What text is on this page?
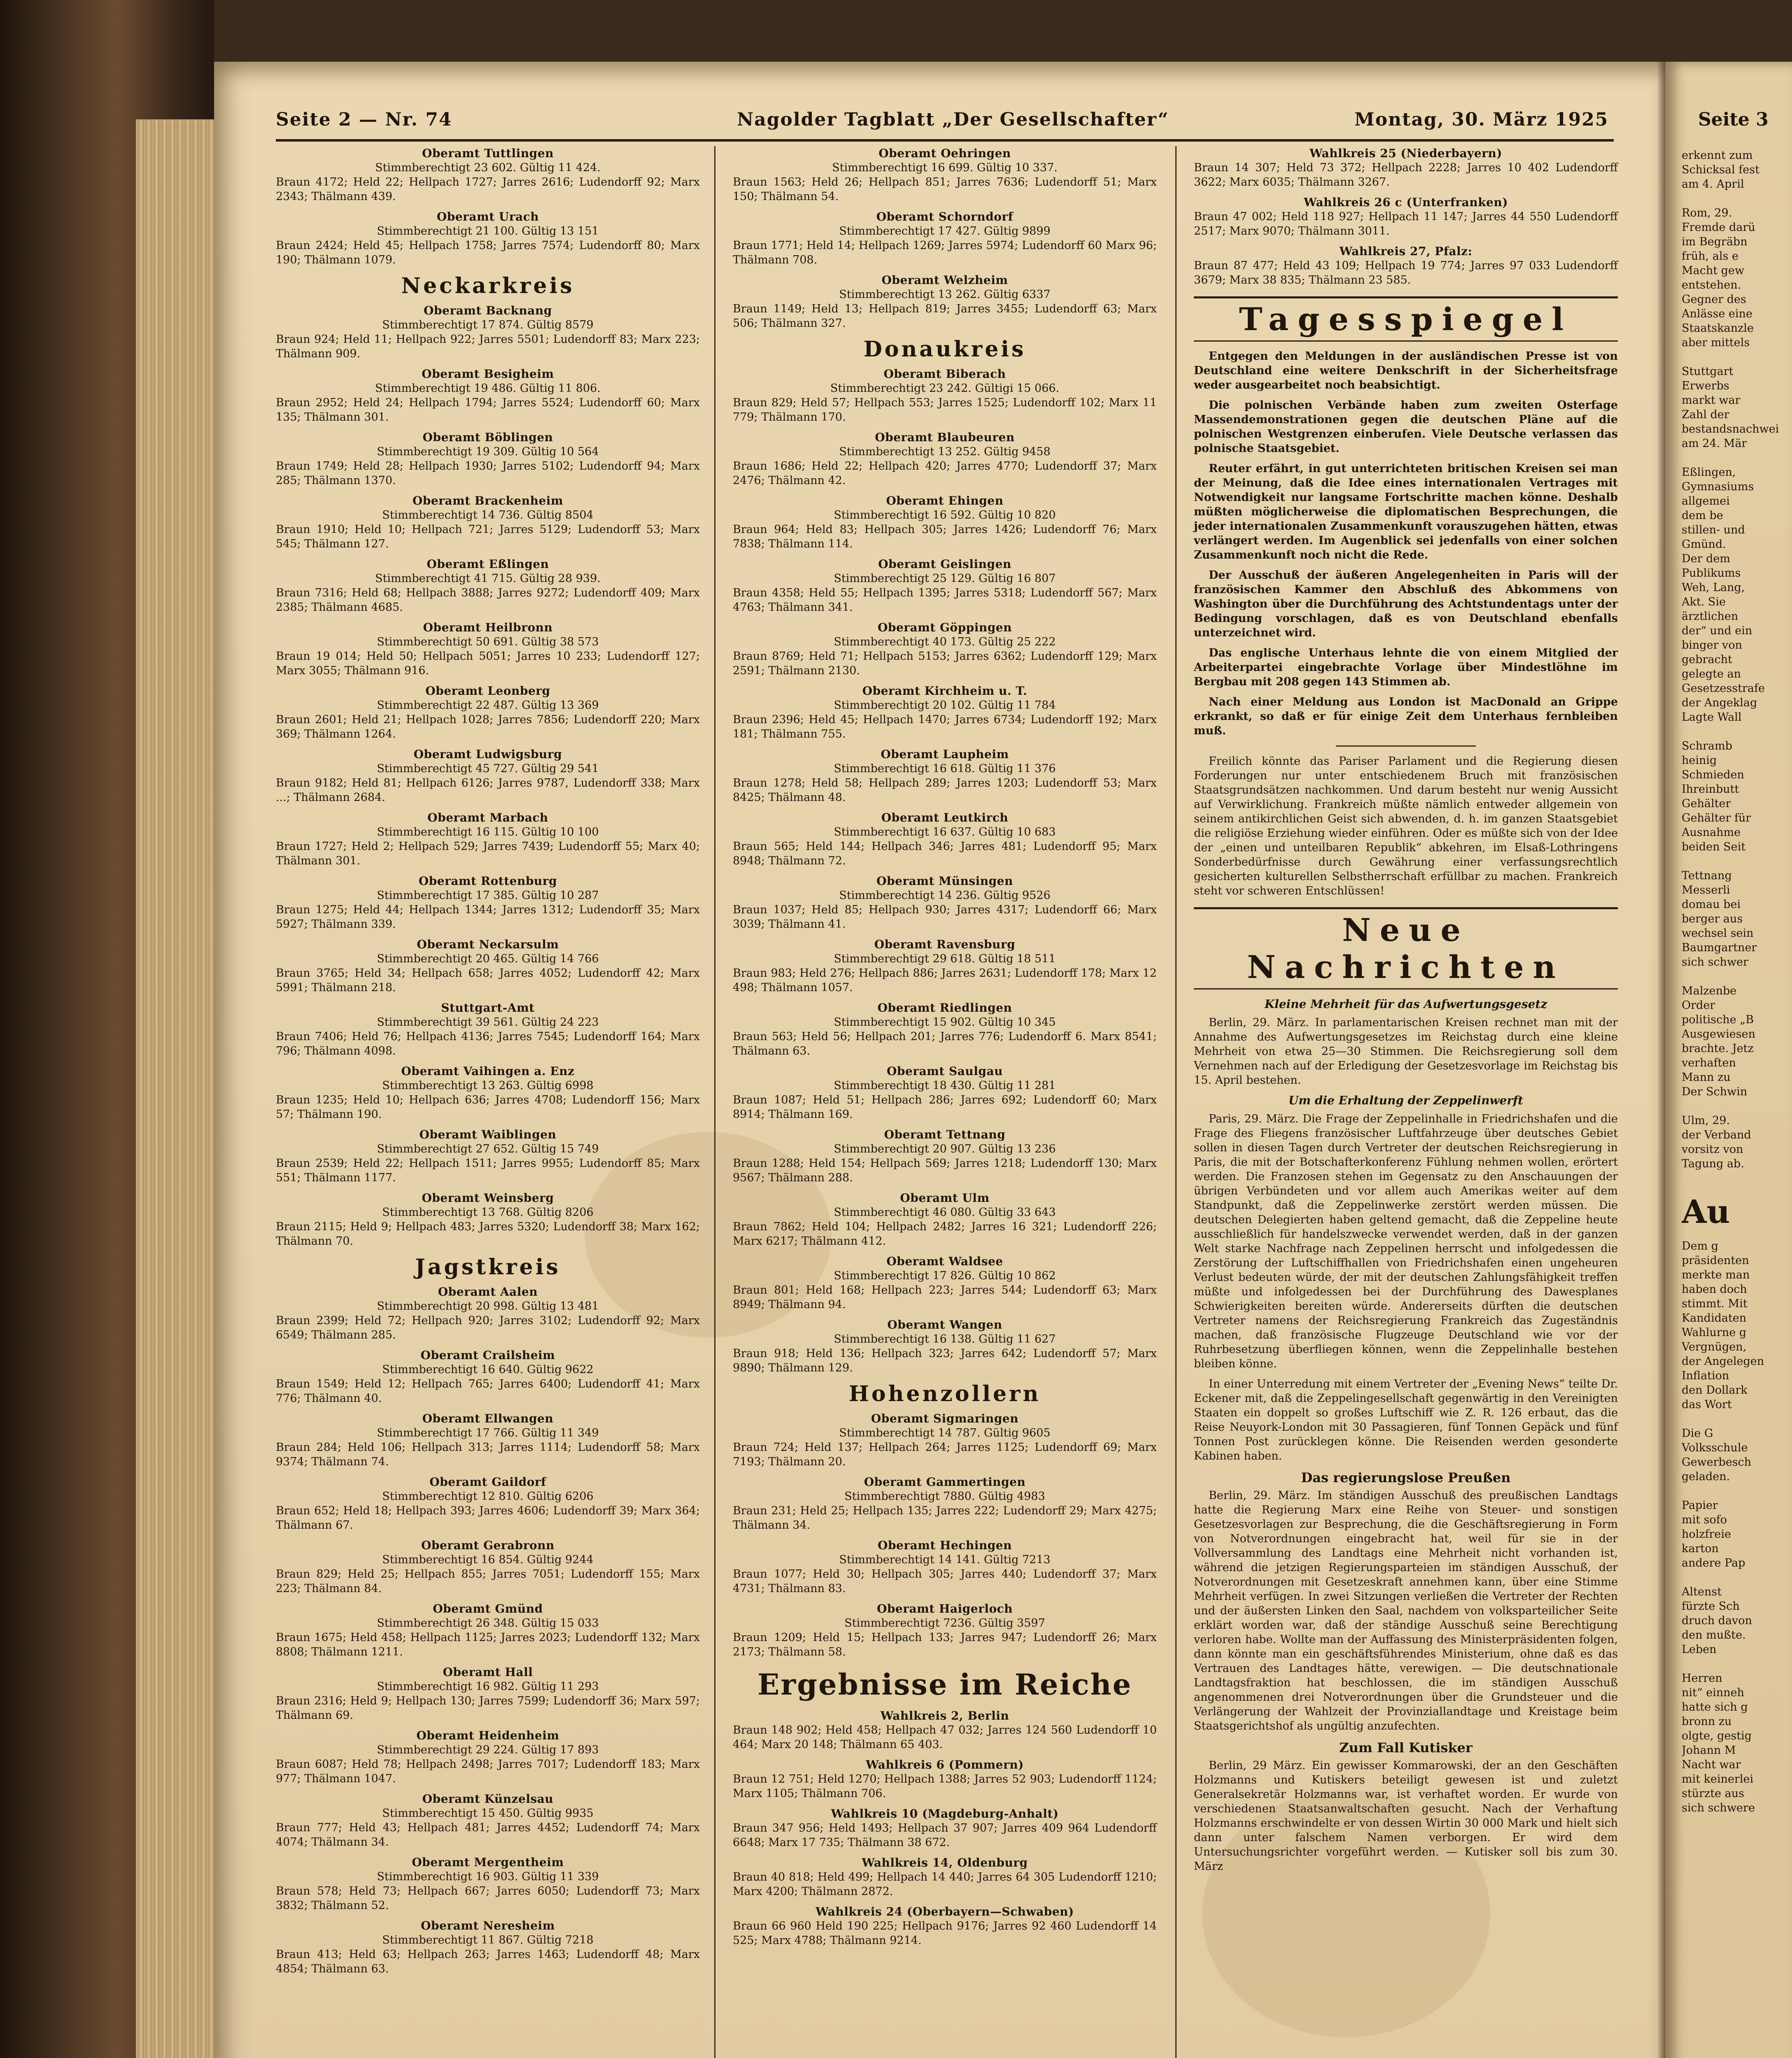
Seite 2 — Nr. 74	Nagolder Tagblatt „Der Gesellschafter“	Montag, 30. März 1925
Oberamt Tuttlingen
Stimmberechtigt 23 602. Gültig 11 424.
Braun 4172; Held 22; Hellpach 1727; Jarres 2616; Ludendorff 92; Marx 2343; Thälmann 439.
Oberamt Urach
Stimmberechtigt 21 100. Gültig 13 151
Braun 2424; Held 45; Hellpach 1758; Jarres 7574; Ludendorff 80; Marx 190; Thälmann 1079.
Neckarkreis
Oberamt Backnang
Stimmberechtigt 17 874. Gültig 8579
Braun 924; Held 11; Hellpach 922; Jarres 5501; Ludendorff 83; Marx 223; Thälmann 909.
Oberamt Besigheim
Stimmberechtigt 19 486. Gültig 11 806.
Braun 2952; Held 24; Hellpach 1794; Jarres 5524; Ludendorff 60; Marx 135; Thälmann 301.
Oberamt Böblingen
Stimmberechtigt 19 309. Gültig 10 564
Braun 1749; Held 28; Hellpach 1930; Jarres 5102; Ludendorff 94; Marx 285; Thälmann 1370.
Oberamt Brackenheim
Stimmberechtigt 14 736. Gültig 8504
Braun 1910; Held 10; Hellpach 721; Jarres 5129; Ludendorff 53; Marx 545; Thälmann 127.
Oberamt Eßlingen
Stimmberechtigt 41 715. Gültig 28 939.
Braun 7316; Held 68; Hellpach 3888; Jarres 9272; Ludendorff 409; Marx 2385; Thälmann 4685.
Oberamt Heilbronn
Stimmberechtigt 50 691. Gültig 38 573
Braun 19 014; Held 50; Hellpach 5051; Jarres 10 233; Ludendorff 127; Marx 3055; Thälmann 916.
Oberamt Leonberg
Stimmberechtigt 22 487. Gültig 13 369
Braun 2601; Held 21; Hellpach 1028; Jarres 7856; Ludendorff 220; Marx 369; Thälmann 1264.
Oberamt Ludwigsburg
Stimmberechtigt 45 727. Gültig 29 541
Braun 9182; Held 81; Hellpach 6126; Jarres 9787, Ludendorff 338; Marx ...; Thälmann 2684.
Oberamt Marbach
Stimmberechtigt 16 115. Gültig 10 100
Braun 1727; Held 2; Hellpach 529; Jarres 7439; Ludendorff 55; Marx 40; Thälmann 301.
Oberamt Rottenburg
Stimmberechtigt 17 385. Gültig 10 287
Braun 1275; Held 44; Hellpach 1344; Jarres 1312; Ludendorff 35; Marx 5927; Thälmann 339.
Oberamt Neckarsulm
Stimmberechtigt 20 465. Gültig 14 766
Braun 3765; Held 34; Hellpach 658; Jarres 4052; Ludendorff 42; Marx 5991; Thälmann 218.
Stuttgart-Amt
Stimmberechtigt 39 561. Gültig 24 223
Braun 7406; Held 76; Hellpach 4136; Jarres 7545; Ludendorff 164; Marx 796; Thälmann 4098.
Oberamt Vaihingen a. Enz
Stimmberechtigt 13 263. Gültig 6998
Braun 1235; Held 10; Hellpach 636; Jarres 4708; Ludendorff 156; Marx 57; Thälmann 190.
Oberamt Waiblingen
Stimmberechtigt 27 652. Gültig 15 749
Braun 2539; Held 22; Hellpach 1511; Jarres 9955; Ludendorff 85; Marx 551; Thälmann 1177.
Oberamt Weinsberg
Stimmberechtigt 13 768. Gültig 8206
Braun 2115; Held 9; Hellpach 483; Jarres 5320; Ludendorff 38; Marx 162; Thälmann 70.
Jagstkreis
Oberamt Aalen
Stimmberechtigt 20 998. Gültig 13 481
Braun 2399; Held 72; Hellpach 920; Jarres 3102; Ludendorff 92; Marx 6549; Thälmann 285.
Oberamt Crailsheim
Stimmberechtigt 16 640. Gültig 9622
Braun 1549; Held 12; Hellpach 765; Jarres 6400; Ludendorff 41; Marx 776; Thälmann 40.
Oberamt Ellwangen
Stimmberechtigt 17 766. Gültig 11 349
Braun 284; Held 106; Hellpach 313; Jarres 1114; Ludendorff 58; Marx 9374; Thälmann 74.
Oberamt Gaildorf
Stimmberechtigt 12 810. Gültig 6206
Braun 652; Held 18; Hellpach 393; Jarres 4606; Ludendorff 39; Marx 364; Thälmann 67.
Oberamt Gerabronn
Stimmberechtigt 16 854. Gültig 9244
Braun 829; Held 25; Hellpach 855; Jarres 7051; Ludendorff 155; Marx 223; Thälmann 84.
Oberamt Gmünd
Stimmberechtigt 26 348. Gültig 15 033
Braun 1675; Held 458; Hellpach 1125; Jarres 2023; Ludendorff 132; Marx 8808; Thälmann 1211.
Oberamt Hall
Stimmberechtigt 16 982. Gültig 11 293
Braun 2316; Held 9; Hellpach 130; Jarres 7599; Ludendorff 36; Marx 597; Thälmann 69.
Oberamt Heidenheim
Stimmberechtigt 29 224. Gültig 17 893
Braun 6087; Held 78; Hellpach 2498; Jarres 7017; Ludendorff 183; Marx 977; Thälmann 1047.
Oberamt Künzelsau
Stimmberechtigt 15 450. Gültig 9935
Braun 777; Held 43; Hellpach 481; Jarres 4452; Ludendorff 74; Marx 4074; Thälmann 34.
Oberamt Mergentheim
Stimmberechtigt 16 903. Gültig 11 339
Braun 578; Held 73; Hellpach 667; Jarres 6050; Ludendorff 73; Marx 3832; Thälmann 52.
Oberamt Neresheim
Stimmberechtigt 11 867. Gültig 7218
Braun 413; Held 63; Hellpach 263; Jarres 1463; Ludendorff 48; Marx 4854; Thälmann 63.
Oberamt Oehringen
Stimmberechtigt 16 699. Gültig 10 337.
Braun 1563; Held 26; Hellpach 851; Jarres 7636; Ludendorff 51; Marx 150; Thälmann 54.
Oberamt Schorndorf
Stimmberechtigt 17 427. Gültig 9899
Braun 1771; Held 14; Hellpach 1269; Jarres 5974; Ludendorff 60 Marx 96; Thälmann 708.
Oberamt Welzheim
Stimmberechtigt 13 262. Gültig 6337
Braun 1149; Held 13; Hellpach 819; Jarres 3455; Ludendorff 63; Marx 506; Thälmann 327.
Donaukreis
Oberamt Biberach
Stimmberechtigt 23 242. Gültigi 15 066.
Braun 829; Held 57; Hellpach 553; Jarres 1525; Ludendorff 102; Marx 11 779; Thälmann 170.
Oberamt Blaubeuren
Stimmberechtigt 13 252. Gültig 9458
Braun 1686; Held 22; Hellpach 420; Jarres 4770; Ludendorff 37; Marx 2476; Thälmann 42.
Oberamt Ehingen
Stimmberechtigt 16 592. Gültig 10 820
Braun 964; Held 83; Hellpach 305; Jarres 1426; Ludendorff 76; Marx 7838; Thälmann 114.
Oberamt Geislingen
Stimmberechtigt 25 129. Gültig 16 807
Braun 4358; Held 55; Hellpach 1395; Jarres 5318; Ludendorff 567; Marx 4763; Thälmann 341.
Oberamt Göppingen
Stimmberechtigt 40 173. Gültig 25 222
Braun 8769; Held 71; Hellpach 5153; Jarres 6362; Ludendorff 129; Marx 2591; Thälmann 2130.
Oberamt Kirchheim u. T.
Stimmberechtigt 20 102. Gültig 11 784
Braun 2396; Held 45; Hellpach 1470; Jarres 6734; Ludendorff 192; Marx 181; Thälmann 755.
Oberamt Laupheim
Stimmberechtigt 16 618. Gültig 11 376
Braun 1278; Held 58; Hellpach 289; Jarres 1203; Ludendorff 53; Marx 8425; Thälmann 48.
Oberamt Leutkirch
Stimmberechtigt 16 637. Gültig 10 683
Braun 565; Held 144; Hellpach 346; Jarres 481; Ludendorff 95; Marx 8948; Thälmann 72.
Oberamt Münsingen
Stimmberechtigt 14 236. Gültig 9526
Braun 1037; Held 85; Hellpach 930; Jarres 4317; Ludendorff 66; Marx 3039; Thälmann 41.
Oberamt Ravensburg
Stimmberechtigt 29 618. Gültig 18 511
Braun 983; Held 276; Hellpach 886; Jarres 2631; Ludendorff 178; Marx 12 498; Thälmann 1057.
Oberamt Riedlingen
Stimmberechtigt 15 902. Gültig 10 345
Braun 563; Held 56; Hellpach 201; Jarres 776; Ludendorff 6. Marx 8541; Thälmann 63.
Oberamt Saulgau
Stimmberechtigt 18 430. Gültig 11 281
Braun 1087; Held 51; Hellpach 286; Jarres 692; Ludendorff 60; Marx 8914; Thälmann 169.
Oberamt Tettnang
Stimmberechtigt 20 907. Gültig 13 236
Braun 1288; Held 154; Hellpach 569; Jarres 1218; Ludendorff 130; Marx 9567; Thälmann 288.
Oberamt Ulm
Stimmberechtigt 46 080. Gültig 33 643
Braun 7862; Held 104; Hellpach 2482; Jarres 16 321; Ludendorff 226; Marx 6217; Thälmann 412.
Oberamt Waldsee
Stimmberechtigt 17 826. Gültig 10 862
Braun 801; Held 168; Hellpach 223; Jarres 544; Ludendorff 63; Marx 8949; Thälmann 94.
Oberamt Wangen
Stimmberechtigt 16 138. Gültig 11 627
Braun 918; Held 136; Hellpach 323; Jarres 642; Ludendorff 57; Marx 9890; Thälmann 129.
Hohenzollern
Oberamt Sigmaringen
Stimmberechtigt 14 787. Gültig 9605
Braun 724; Held 137; Hellpach 264; Jarres 1125; Ludendorff 69; Marx 7193; Thälmann 20.
Oberamt Gammertingen
Stimmberechtigt 7880. Gültig 4983
Braun 231; Held 25; Hellpach 135; Jarres 222; Ludendorff 29; Marx 4275; Thälmann 34.
Oberamt Hechingen
Stimmberechtigt 14 141. Gültig 7213
Braun 1077; Held 30; Hellpach 305; Jarres 440; Ludendorff 37; Marx 4731; Thälmann 83.
Oberamt Haigerloch
Stimmberechtigt 7236. Gültig 3597
Braun 1209; Held 15; Hellpach 133; Jarres 947; Ludendorff 26; Marx 2173; Thälmann 58.
Ergebnisse im Reiche
Wahlkreis 2, Berlin
Braun 148 902; Held 458; Hellpach 47 032; Jarres 124 560 Ludendorff 10 464; Marx 20 148; Thälmann 65 403.
Wahlkreis 6 (Pommern)
Braun 12 751; Held 1270; Hellpach 1388; Jarres 52 903; Ludendorff 1124; Marx 1105; Thälmann 706.
Wahlkreis 10 (Magdeburg-Anhalt)
Braun 347 956; Held 1493; Hellpach 37 907; Jarres 409 964 Ludendorff 6648; Marx 17 735; Thälmann 38 672.
Wahlkreis 14, Oldenburg
Braun 40 818; Held 499; Hellpach 14 440; Jarres 64 305 Ludendorff 1210; Marx 4200; Thälmann 2872.
Wahlkreis 24 (Oberbayern—Schwaben)
Braun 66 960 Held 190 225; Hellpach 9176; Jarres 92 460 Ludendorff 14 525; Marx 4788; Thälmann 9214.
Wahlkreis 25 (Niederbayern)
Braun 14 307; Held 73 372; Hellpach 2228; Jarres 10 402 Ludendorff 3622; Marx 6035; Thälmann 3267.
Wahlkreis 26 c (Unterfranken)
Braun 47 002; Held 118 927; Hellpach 11 147; Jarres 44 550 Ludendorff 2517; Marx 9070; Thälmann 3011.
Wahlkreis 27, Pfalz:
Braun 87 477; Held 43 109; Hellpach 19 774; Jarres 97 033 Ludendorff 3679; Marx 38 835; Thälmann 23 585.
Tagesspiegel

Entgegen den Meldungen in der ausländischen Presse ist von Deutschland eine weitere Denkschrift in der Sicherheitsfrage weder ausgearbeitet noch beabsichtigt.

Die polnischen Verbände haben zum zweiten Osterfage Massendemonstrationen gegen die deutschen Pläne auf die polnischen Westgrenzen einberufen. Viele Deutsche verlassen das polnische Staatsgebiet.

Reuter erfährt, in gut unterrichteten britischen Kreisen sei man der Meinung, daß die Idee eines internationalen Vertrages mit Notwendigkeit nur langsame Fortschritte machen könne. Deshalb müßten möglicherweise die diplomatischen Besprechungen, die jeder internationalen Zusammenkunft vorauszugehen hätten, etwas verlängert werden. Im Augenblick sei jedenfalls von einer solchen Zusammenkunft noch nicht die Rede.

Der Ausschuß der äußeren Angelegenheiten in Paris will der französischen Kammer den Abschluß des Abkommens von Washington über die Durchführung des Achtstundentags unter der Bedingung vorschlagen, daß es von Deutschland ebenfalls unterzeichnet wird.

Das englische Unterhaus lehnte die von einem Mitglied der Arbeiterpartei eingebrachte Vorlage über Mindestlöhne im Bergbau mit 208 gegen 143 Stimmen ab.

Nach einer Meldung aus London ist MacDonald an Grippe erkrankt, so daß er für einige Zeit dem Unterhaus fernbleiben muß.

Freilich könnte das Pariser Parlament und die Regierung diesen Forderungen nur unter entschiedenem Bruch mit französischen Staatsgrundsätzen nachkommen. Und darum besteht nur wenig Aussicht auf Verwirklichung. Frankreich müßte nämlich entweder allgemein von seinem antikirchlichen Geist sich abwenden, d. h. im ganzen Staatsgebiet die religiöse Erziehung wieder einführen. Oder es müßte sich von der Idee der „einen und unteilbaren Republik“ abkehren, im Elsaß-Lothringens Sonderbedürfnisse durch Gewährung einer verfassungsrechtlich gesicherten kulturellen Selbstherrschaft erfüllbar zu machen. Frankreich steht vor schweren Entschlüssen!

Neue Nachrichten
Kleine Mehrheit für das Aufwertungsgesetz

Berlin, 29. März. In parlamentarischen Kreisen rechnet man mit der Annahme des Aufwertungsgesetzes im Reichstag durch eine kleine Mehrheit von etwa 25—30 Stimmen. Die Reichsregierung soll dem Vernehmen nach auf der Erledigung der Gesetzesvorlage im Reichstag bis 15. April bestehen.

Um die Erhaltung der Zeppelinwerft

Paris, 29. März. Die Frage der Zeppelinhalle in Friedrichshafen und die Frage des Fliegens französischer Luftfahrzeuge über deutsches Gebiet sollen in diesen Tagen durch Vertreter der deutschen Reichsregierung in Paris, die mit der Botschafterkonferenz Fühlung nehmen wollen, erörtert werden. Die Franzosen stehen im Gegensatz zu den Anschauungen der übrigen Verbündeten und vor allem auch Amerikas weiter auf dem Standpunkt, daß die Zeppelinwerke zerstört werden müssen. Die deutschen Delegierten haben geltend gemacht, daß die Zeppeline heute ausschließlich für handelszwecke verwendet werden, daß in der ganzen Welt starke Nachfrage nach Zeppelinen herrscht und infolgedessen die Zerstörung der Luftschiffhallen von Friedrichshafen einen ungeheuren Verlust bedeuten würde, der mit der deutschen Zahlungsfähigkeit treffen müßte und infolgedessen bei der Durchführung des Dawesplanes Schwierigkeiten bereiten würde. Andererseits dürften die deutschen Vertreter namens der Reichsregierung Frankreich das Zugeständnis machen, daß französische Flugzeuge Deutschland wie vor der Ruhrbesetzung überfliegen können, wenn die Zeppelinhalle bestehen bleiben könne.

In einer Unterredung mit einem Vertreter der „Evening News“ teilte Dr. Eckener mit, daß die Zeppelingesellschaft gegenwärtig in den Vereinigten Staaten ein doppelt so großes Luftschiff wie Z. R. 126 erbaut, das die Reise Neuyork-London mit 30 Passagieren, fünf Tonnen Gepäck und fünf Tonnen Post zurücklegen könne. Die Reisenden werden gesonderte Kabinen haben.

Das regierungslose Preußen

Berlin, 29. März. Im ständigen Ausschuß des preußischen Landtags hatte die Regierung Marx eine Reihe von Steuer- und sonstigen Gesetzesvorlagen zur Besprechung, die die Geschäftsregierung in Form von Notverordnungen eingebracht hat, weil für sie in der Vollversammlung des Landtags eine Mehrheit nicht vorhanden ist, während die jetzigen Regierungsparteien im ständigen Ausschuß, der Notverordnungen mit Gesetzeskraft annehmen kann, über eine Stimme Mehrheit verfügen. In zwei Sitzungen verließen die Vertreter der Rechten und der äußersten Linken den Saal, nachdem von volksparteilicher Seite erklärt worden war, daß der ständige Ausschuß seine Berechtigung verloren habe. Wollte man der Auffassung des Ministerpräsidenten folgen, dann könnte man ein geschäftsführendes Ministerium, ohne daß es das Vertrauen des Landtages hätte, verewigen. — Die deutschnationale Landtagsfraktion hat beschlossen, die im ständigen Ausschuß angenommenen drei Notverordnungen über die Grundsteuer und die Verlängerung der Wahlzeit der Provinziallandtage und Kreistage beim Staatsgerichtshof als ungültig anzufechten.

Zum Fall Kutisker

Berlin, 29 März. Ein gewisser Kommarowski, der an den Geschäften Holzmanns und Kutiskers beteiligt gewesen ist und zuletzt Generalsekretär Holzmanns war, ist verhaftet worden. Er wurde von verschiedenen Staatsanwaltschaften gesucht. Nach der Verhaftung Holzmanns erschwindelte er von dessen Wirtin 30 000 Mark und hielt sich dann unter falschem Namen verborgen. Er wird dem Untersuchungsrichter vorgeführt werden. — Kutisker soll bis zum 30. März

Seite 3
erkennt zum
Schicksal fest
am 4. April

Rom, 29.
Fremde darü
im Begräbn
früh, als e
Macht gew
entstehen.
Gegner des
Anlässe eine
Staatskanzle
aber mittels

Stuttgart
Erwerbs
markt war
Zahl der
bestandsnachwei
am 24. Mär

Eßlingen,
Gymnasiums
allgemei
dem be
stillen- und
Gmünd.
Der dem
Publikums
Weh, Lang,
Akt. Sie
ärztlichen
der“ und ein
binger von
gebracht
gelegte an
Gesetzesstrafe
der Angeklag
Lagte Wall

Schramb
heinig
Schmieden
Ihreinbutt
Gehälter
Gehälter für
Ausnahme
beiden Seit

Tettnang
Messerli
domau bei
berger aus
wechsel sein
Baumgartner
sich schwer

Malzenbe
Order
politische „B
Ausgewiesen
brachte. Jetz
verhaften
Mann zu
Der Schwin

Ulm, 29.
der Verband
vorsitz von
Tagung ab.

Au
Dem g
präsidenten
merkte man
haben doch
stimmt. Mit
Kandidaten
Wahlurne g
Vergnügen,
der Angelegen
Inflation
den Dollark
das Wort

Die G
Volksschule
Gewerbesch
geladen.

Papier
mit sofo
holzfreie
karton
andere Pap

Altenst
fürzte Sch
druch davon
den mußte.
Leben

Herren
nit“ einneh
hatte sich g
bronn zu
olgte, gestig
Johann M
Nacht war
mit keinerlei
stürzte aus
sich schwere
